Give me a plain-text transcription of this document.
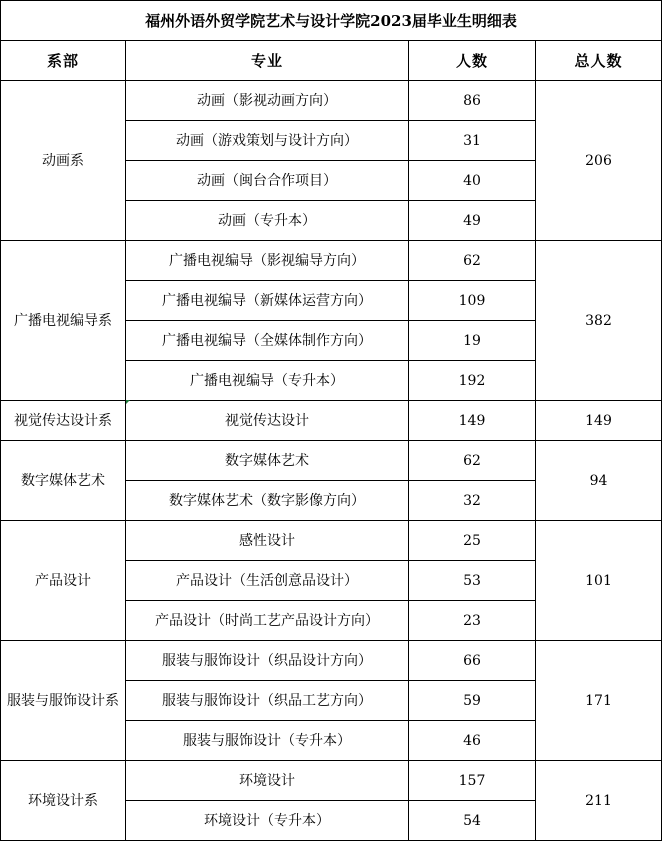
福州外语外贸学院艺术与设计学院2023届毕业生明细表			
系部	专业	人数	总人数
动画系	动画（影视动画方向）	86	206
	动画（游戏策划与设计方向）	31	
	动画（闽台合作项目）	40	
	动画（专升本）	49	
广播电视编导系	广播电视编导（影视编导方向）	62	382
	广播电视编导（新媒体运营方向）	109	
	广播电视编导（全媒体制作方向）	19	
	广播电视编导（专升本）	192	
视觉传达设计系	视觉传达设计	149	149
数字媒体艺术	数字媒体艺术	62	94
	数字媒体艺术（数字影像方向）	32	
产品设计	感性设计	25	101
	产品设计（生活创意品设计）	53	
	产品设计（时尚工艺产品设计方向）	23	
服装与服饰设计系	服装与服饰设计（织品设计方向）	66	171
	服装与服饰设计（织品工艺方向）	59	
	服装与服饰设计（专升本）	46	
环境设计系	环境设计	157	211
	环境设计（专升本）	54	
